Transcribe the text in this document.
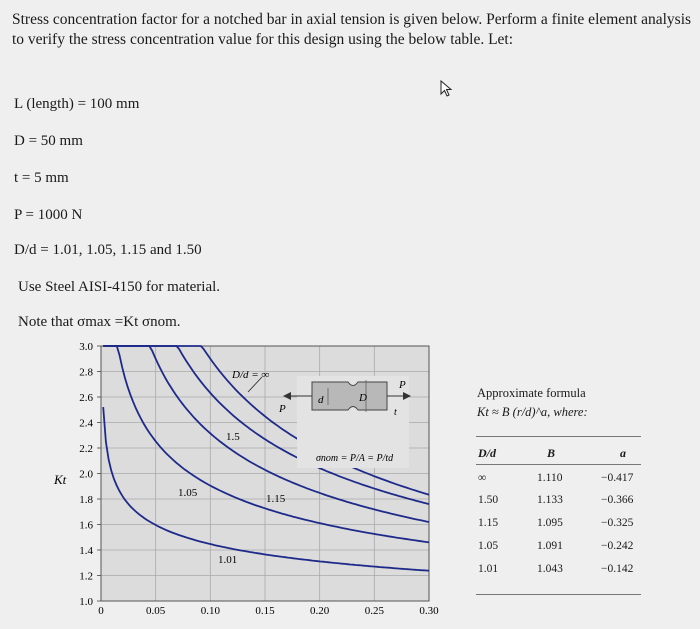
Stress concentration factor for a notched bar in axial tension is given below. Perform a finite element analysis to verify the stress concentration value for this design using the below table. Let:

L (length) = 100 mm

D = 50 mm

t = 5 mm

P = 1000 N

D/d = 1.01, 1.05, 1.15 and 1.50

Use Steel AISI-4150 for material.

Note that σmax =Kt σnom.

0	0.05	0.10	0.15	0.20	0.25	0.30
1.0
1.2
1.4
1.6
1.8
2.0
2.2
2.4
2.6
2.8
3.0
D/d = ∞
1.5
1.05	1.15
1.01
d	D
P
P
t
σnom = P/A = P/td
Kt

Approximate formula

Kt ≈ B (r/d)^a, where:

D/d	B	a

∞	1.110	−0.417

1.50	1.133	−0.366

1.15	1.095	−0.325

1.05	1.091	−0.242

1.01	1.043	−0.142
